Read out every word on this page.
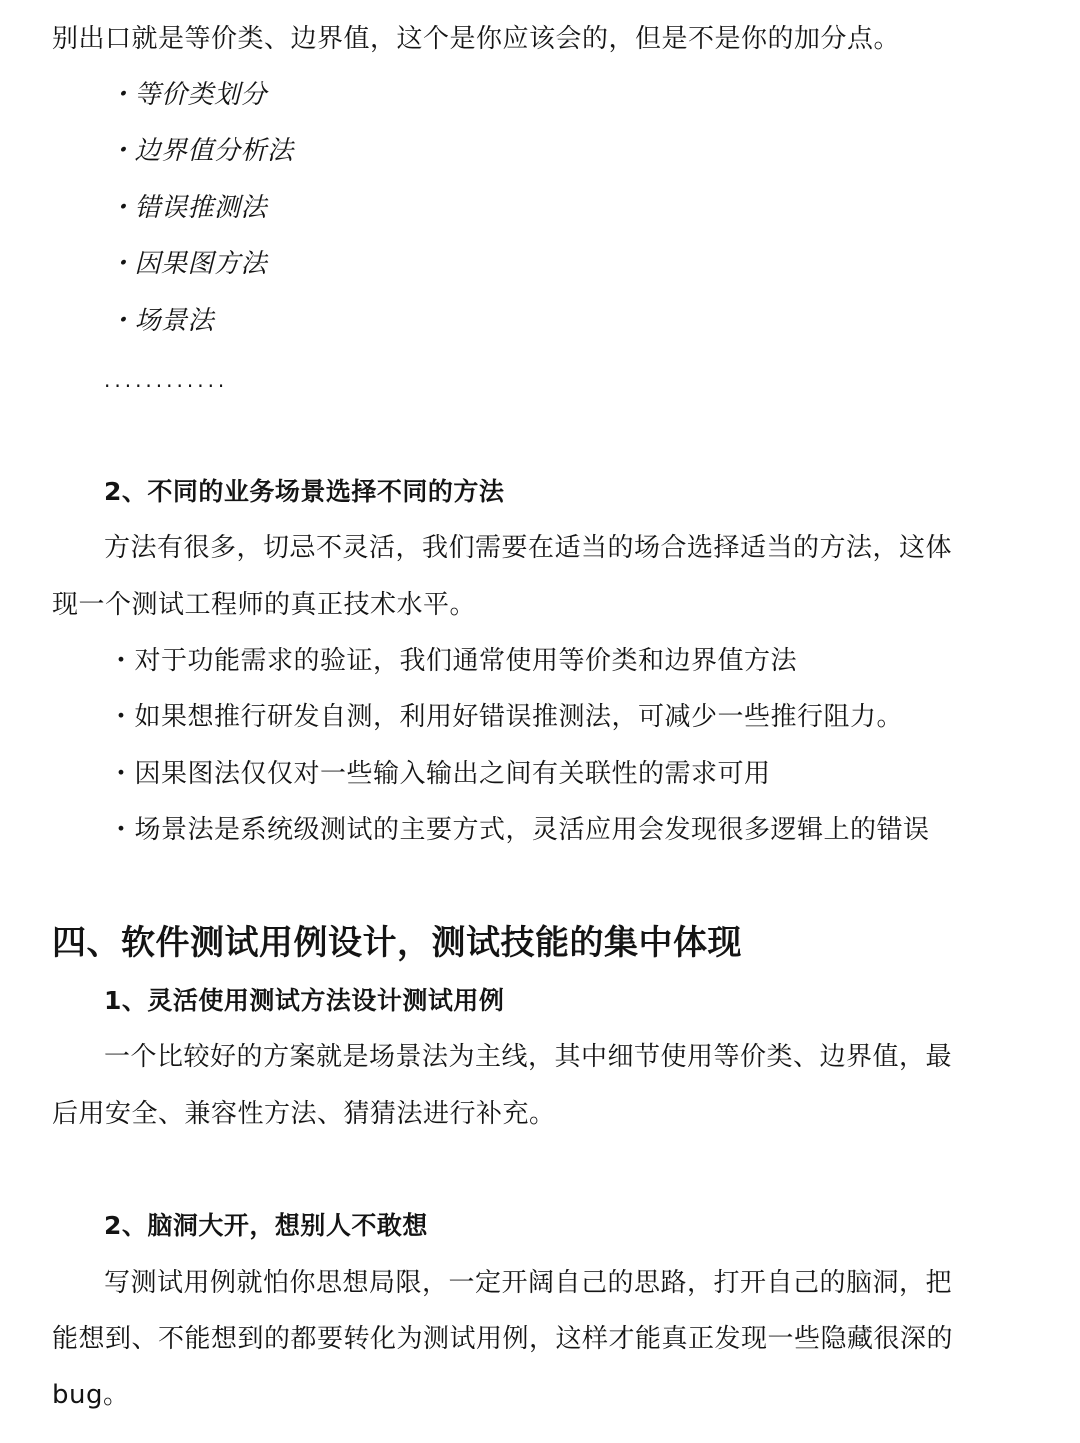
别出口就是等价类、边界值，这个是你应该会的，但是不是你的加分点。
・等价类划分
・边界值分析法
・错误推测法
・因果图方法
・场景法
............
2、不同的业务场景选择不同的方法
方法有很多，切忌不灵活，我们需要在适当的场合选择适当的方法，这体
现一个测试工程师的真正技术水平。
・对于功能需求的验证，我们通常使用等价类和边界值方法
・如果想推行研发自测，利用好错误推测法，可减少一些推行阻力。
・因果图法仅仅对一些输入输出之间有关联性的需求可用
・场景法是系统级测试的主要方式，灵活应用会发现很多逻辑上的错误
四、软件测试用例设计，测试技能的集中体现
1、灵活使用测试方法设计测试用例
一个比较好的方案就是场景法为主线，其中细节使用等价类、边界值，最
后用安全、兼容性方法、猜猜法进行补充。
2、脑洞大开，想别人不敢想
写测试用例就怕你思想局限，一定开阔自己的思路，打开自己的脑洞，把
能想到、不能想到的都要转化为测试用例，这样才能真正发现一些隐藏很深的
bug。
